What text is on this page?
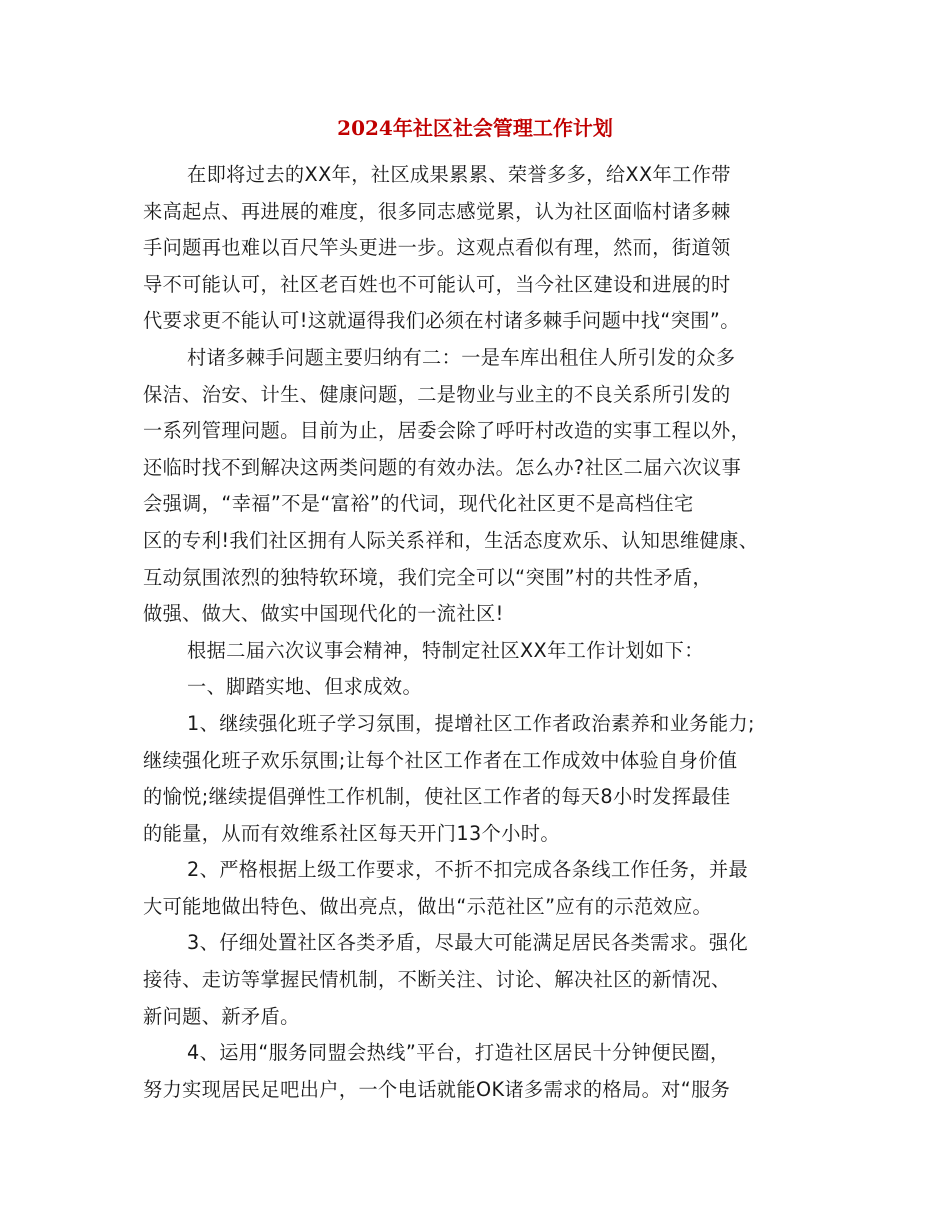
2024年社区社会管理工作计划
在即将过去的XX年，社区成果累累、荣誉多多，给XX年工作带
来高起点、再进展的难度，很多同志感觉累，认为社区面临村诸多棘
手问题再也难以百尺竿头更进一步。这观点看似有理，然而，街道领
导不可能认可，社区老百姓也不可能认可，当今社区建设和进展的时
代要求更不能认可!这就逼得我们必须在村诸多棘手问题中找“突围”。
村诸多棘手问题主要归纳有二：一是车库出租住人所引发的众多
保洁、治安、计生、健康问题，二是物业与业主的不良关系所引发的
一系列管理问题。目前为止，居委会除了呼吁村改造的实事工程以外，
还临时找不到解决这两类问题的有效办法。怎么办?社区二届六次议事
会强调，“幸福”不是“富裕”的代词，现代化社区更不是高档住宅
区的专利!我们社区拥有人际关系祥和，生活态度欢乐、认知思维健康、
互动氛围浓烈的独特软环境，我们完全可以“突围”村的共性矛盾，
做强、做大、做实中国现代化的一流社区!
根据二届六次议事会精神，特制定社区XX年工作计划如下：
一、脚踏实地、但求成效。
1、继续强化班子学习氛围，提增社区工作者政治素养和业务能力;
继续强化班子欢乐氛围;让每个社区工作者在工作成效中体验自身价值
的愉悦;继续提倡弹性工作机制，使社区工作者的每天8小时发挥最佳
的能量，从而有效维系社区每天开门13个小时。
2、严格根据上级工作要求，不折不扣完成各条线工作任务，并最
大可能地做出特色、做出亮点，做出“示范社区”应有的示范效应。
3、仔细处置社区各类矛盾，尽最大可能满足居民各类需求。强化
接待、走访等掌握民情机制，不断关注、讨论、解决社区的新情况、
新问题、新矛盾。
4、运用“服务同盟会热线”平台，打造社区居民十分钟便民圈，
努力实现居民足吧出户，一个电话就能OK诸多需求的格局。对“服务
